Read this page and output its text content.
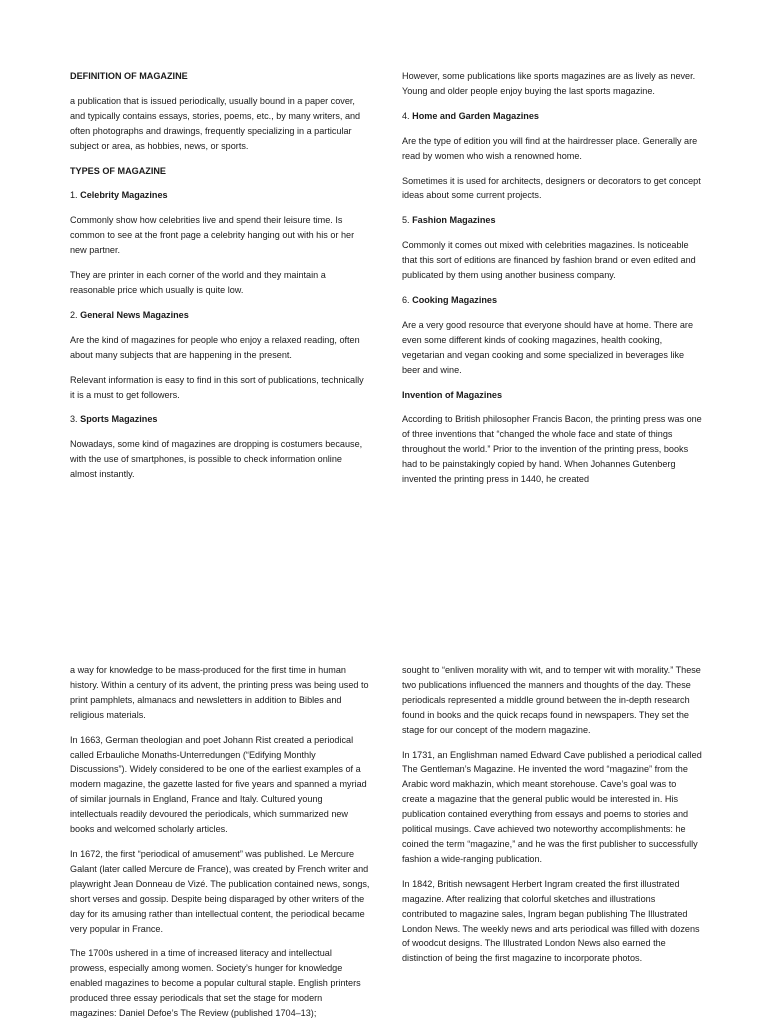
DEFINITION OF MAGAZINE

a publication that is issued periodically, usually bound in a paper cover, and typically contains essays, stories, poems, etc., by many writers, and often photographs and drawings, frequently specializing in a particular subject or area, as hobbies, news, or sports.

TYPES OF MAGAZINE

1. Celebrity Magazines

Commonly show how celebrities live and spend their leisure time. Is common to see at the front page a celebrity hanging out with his or her new partner.

They are printer in each corner of the world and they maintain a reasonable price which usually is quite low.

2. General News Magazines

Are the kind of magazines for people who enjoy a relaxed reading, often about many subjects that are happening in the present.

Relevant information is easy to find in this sort of publications, technically it is a must to get followers.

3. Sports Magazines

Nowadays, some kind of magazines are dropping is costumers because, with the use of smartphones, is possible to check information online almost instantly.

However, some publications like sports magazines are as lively as never. Young and older people enjoy buying the last sports magazine.

4. Home and Garden Magazines

Are the type of edition you will find at the hairdresser place. Generally are read by women who wish a renowned home.

Sometimes it is used for architects, designers or decorators to get concept ideas about some current projects.

5. Fashion Magazines

Commonly it comes out mixed with celebrities magazines. Is noticeable that this sort of editions are financed by fashion brand or even edited and publicated by them using another business company.

6. Cooking Magazines

Are a very good resource that everyone should have at home. There are even some different kinds of cooking magazines, health cooking, vegetarian and vegan cooking and some specialized in beverages like beer and wine.

Invention of Magazines

According to British philosopher Francis Bacon, the printing press was one of three inventions that “changed the whole face and state of things throughout the world.” Prior to the invention of the printing press, books had to be painstakingly copied by hand. When Johannes Gutenberg invented the printing press in 1440, he created

a way for knowledge to be mass-produced for the first time in human history. Within a century of its advent, the printing press was being used to print pamphlets, almanacs and newsletters in addition to Bibles and religious materials.

In 1663, German theologian and poet Johann Rist created a periodical called Erbauliche Monaths-Unterredungen (“Edifying Monthly Discussions”). Widely considered to be one of the earliest examples of a modern magazine, the gazette lasted for five years and spanned a myriad of similar journals in England, France and Italy. Cultured young intellectuals readily devoured the periodicals, which summarized new books and welcomed scholarly articles.

In 1672, the first “periodical of amusement” was published. Le Mercure Galant (later called Mercure de France), was created by French writer and playwright Jean Donneau de Vizé. The publication contained news, songs, short verses and gossip. Despite being disparaged by other writers of the day for its amusing rather than intellectual content, the periodical became very popular in France.

The 1700s ushered in a time of increased literacy and intellectual prowess, especially among women. Society’s hunger for knowledge enabled magazines to become a popular cultural staple. English printers produced three essay periodicals that set the stage for modern magazines: Daniel Defoe’s The Review (published 1704–13);

sought to “enliven morality with wit, and to temper wit with morality.” These two publications influenced the manners and thoughts of the day. These periodicals represented a middle ground between the in-depth research found in books and the quick recaps found in newspapers. They set the stage for our concept of the modern magazine.

In 1731, an Englishman named Edward Cave published a periodical called The Gentleman’s Magazine. He invented the word “magazine” from the Arabic word makhazin, which meant storehouse. Cave’s goal was to create a magazine that the general public would be interested in. His publication contained everything from essays and poems to stories and political musings. Cave achieved two noteworthy accomplishments: he coined the term “magazine,” and he was the first publisher to successfully fashion a wide-ranging publication.

In 1842, British newsagent Herbert Ingram created the first illustrated magazine. After realizing that colorful sketches and illustrations contributed to magazine sales, Ingram began publishing The Illustrated London News. The weekly news and arts periodical was filled with dozens of woodcut designs. The Illustrated London News also earned the distinction of being the first magazine to incorporate photos.
